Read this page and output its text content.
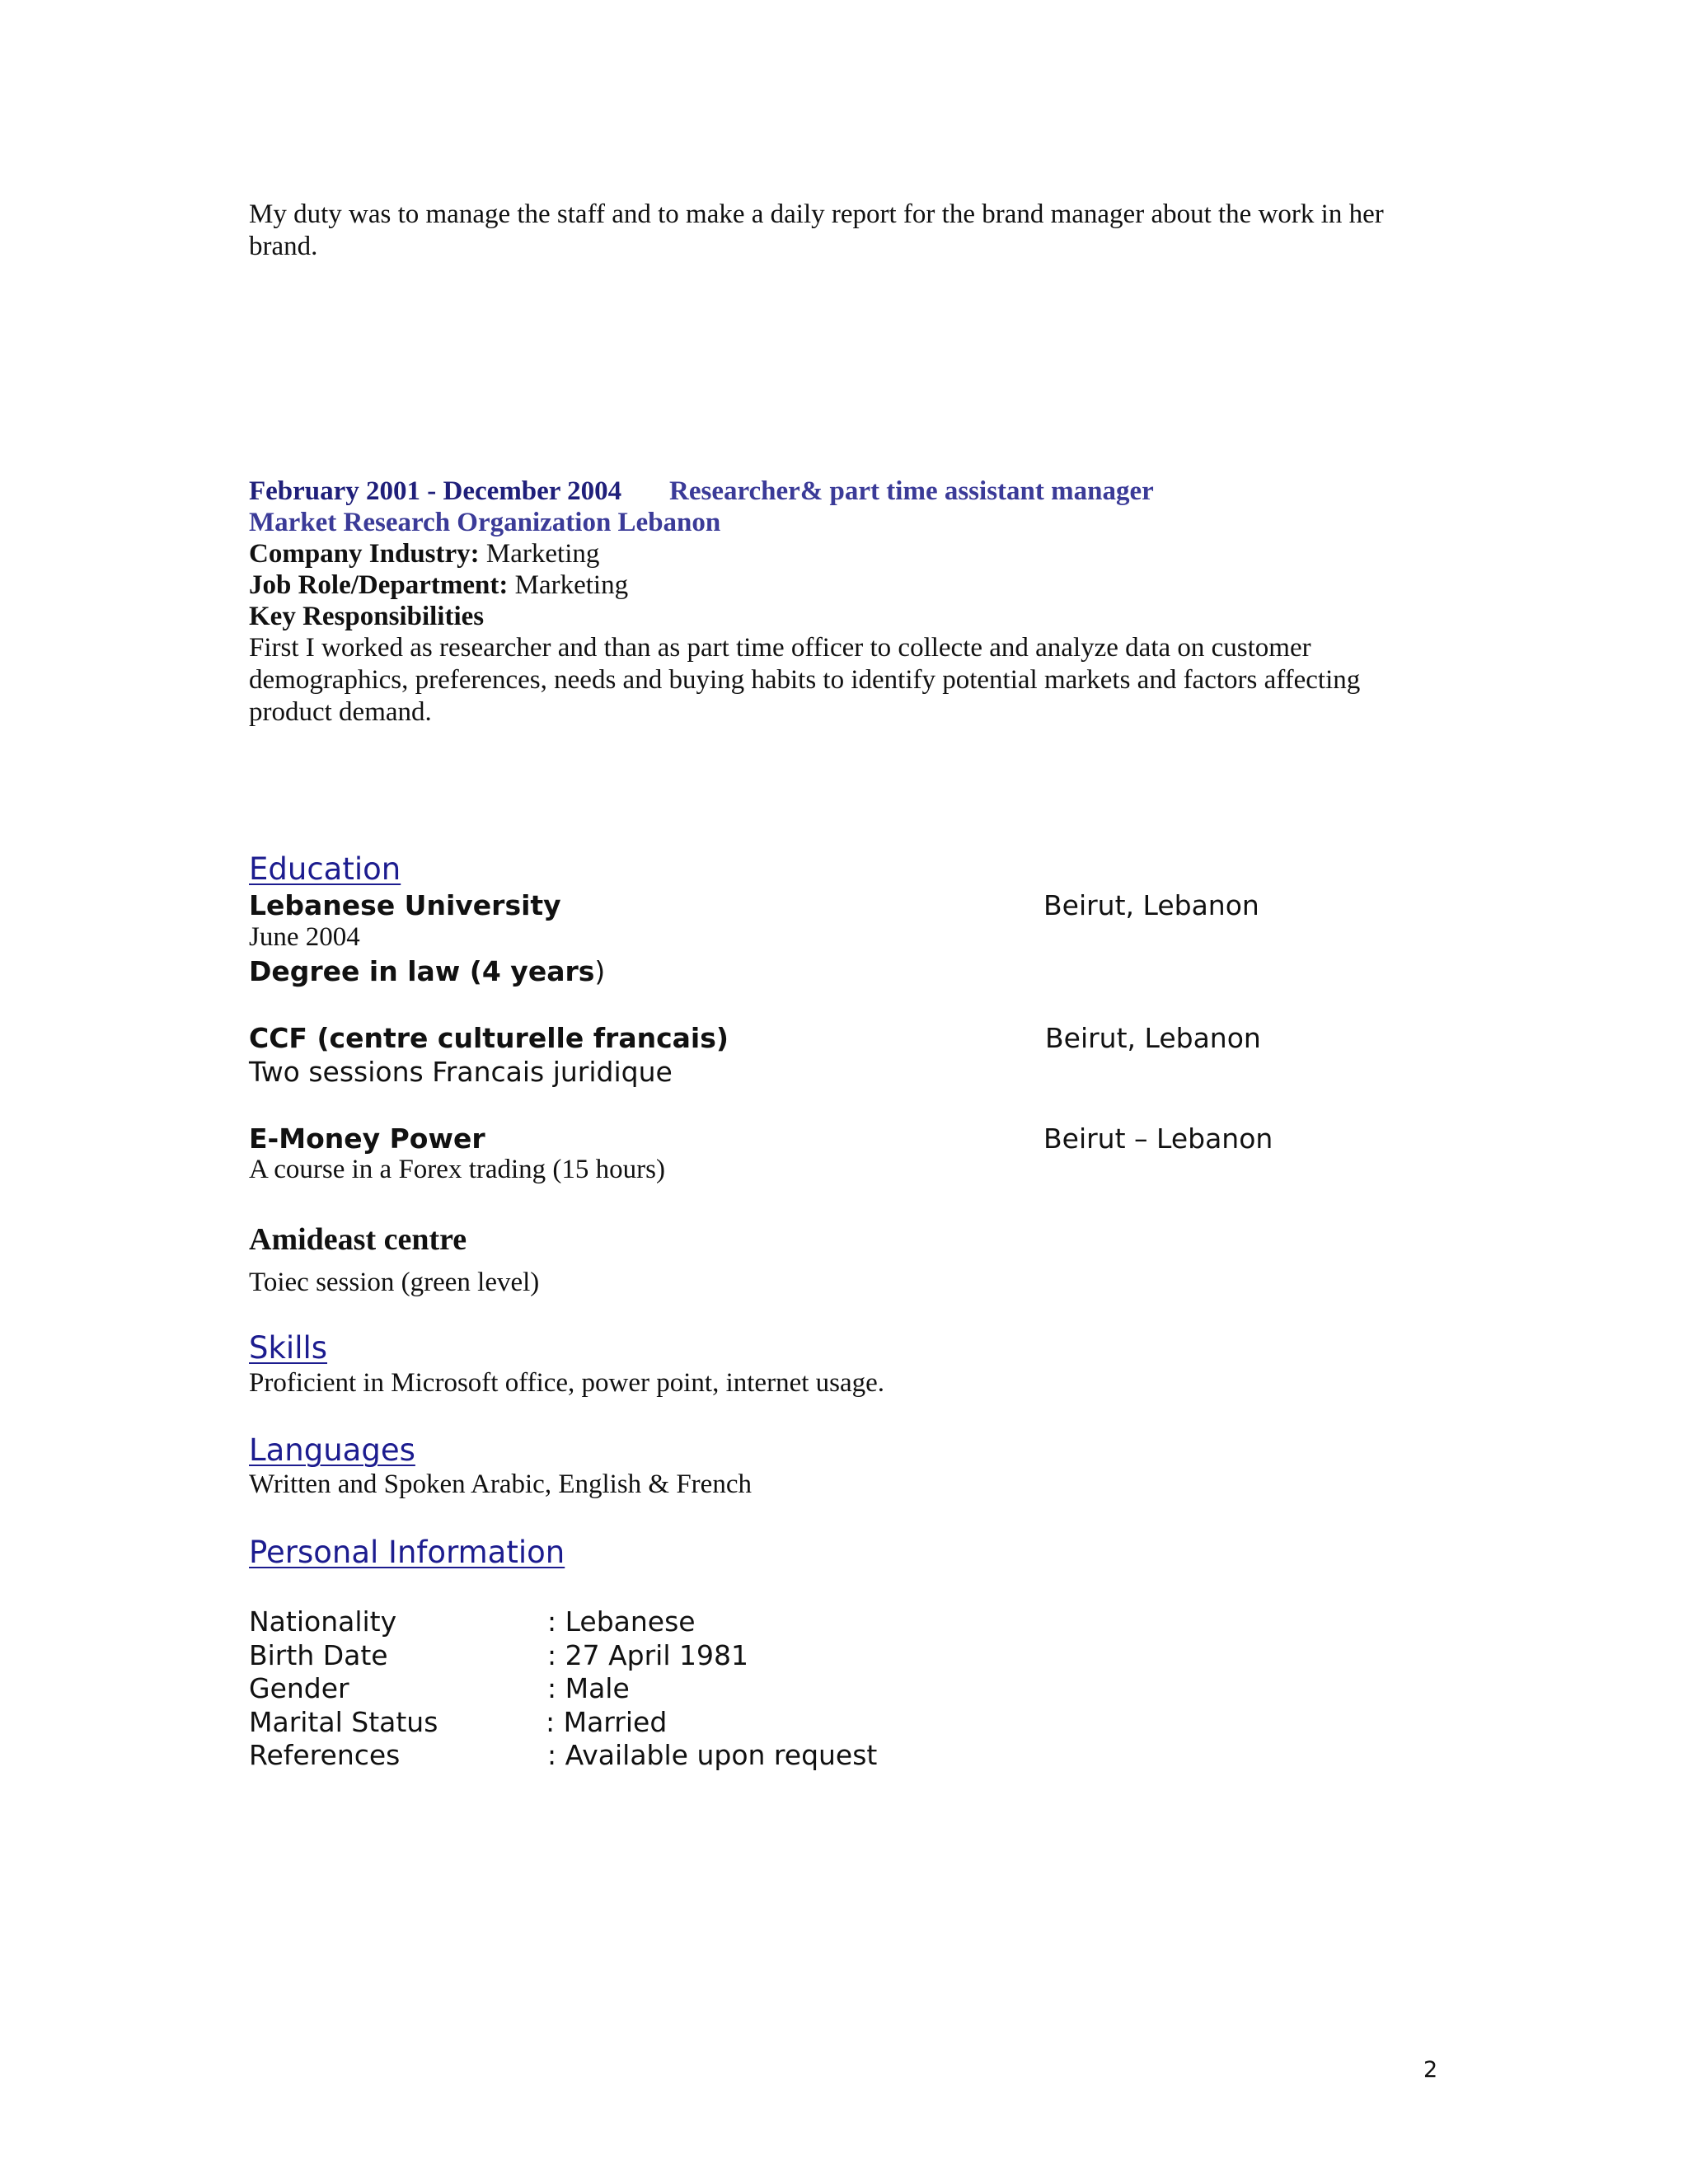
My duty was to manage the staff and to make a daily report for the brand manager about the work in her
brand.
February 2001 - December 2004 Researcher& part time assistant manager
Market Research Organization Lebanon
Company Industry: Marketing
Job Role/Department: Marketing
Key Responsibilities
First I worked as researcher and than as part time officer to collecte and analyze data on customer
demographics, preferences, needs and buying habits to identify potential markets and factors affecting
product demand.
Education
Lebanese University	Beirut, Lebanon
June 2004
Degree in law (4 years)
CCF (centre culturelle francais)	Beirut, Lebanon
Two sessions Francais juridique
E-Money Power	Beirut – Lebanon
A course in a Forex trading (15 hours)
Amideast centre
Toiec session (green level)
Skills
Proficient in Microsoft office, power point, internet usage.
Languages
Written and Spoken Arabic, English & French
Personal Information
Nationality	: Lebanese
Birth Date	: 27 April 1981
Gender	: Male
Marital Status	: Married
References	: Available upon request
2
